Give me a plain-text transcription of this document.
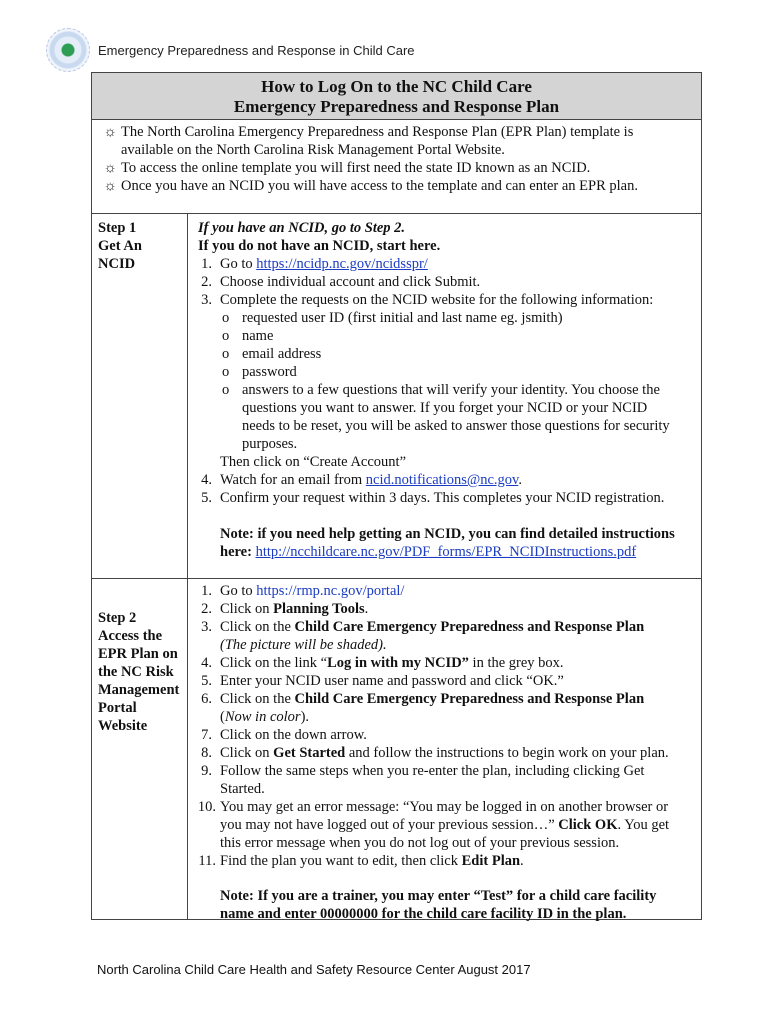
Emergency Preparedness and Response in Child Care
How to Log On to the NC Child Care
Emergency Preparedness and Response Plan
☼ The North Carolina Emergency Preparedness and Response Plan (EPR Plan) template is
available on the North Carolina Risk Management Portal Website.
☼ To access the online template you will first need the state ID known as an NCID.
☼ Once you have an NCID you will have access to the template and can enter an EPR plan.
Step 1
Get An
NCID
If you have an NCID, go to Step 2.
If you do not have an NCID, start here.
1. Go to https://ncidp.nc.gov/ncidsspr/
2. Choose individual account and click Submit.
3. Complete the requests on the NCID website for the following information:
o requested user ID (first initial and last name eg. jsmith)
o name
o email address
o password
o answers to a few questions that will verify your identity. You choose the
questions you want to answer. If you forget your NCID or your NCID
needs to be reset, you will be asked to answer those questions for security
purposes.
Then click on “Create Account”
4. Watch for an email from ncid.notifications@nc.gov.
5. Confirm your request within 3 days. This completes your NCID registration.
Note: if you need help getting an NCID, you can find detailed instructions
here: http://ncchildcare.nc.gov/PDF_forms/EPR_NCIDInstructions.pdf
Step 2
Access the
EPR Plan on
the NC Risk
Management
Portal
Website
1. Go to https://rmp.nc.gov/portal/
2. Click on Planning Tools.
3. Click on the Child Care Emergency Preparedness and Response Plan
(The picture will be shaded).
4. Click on the link “Log in with my NCID” in the grey box.
5. Enter your NCID user name and password and click “OK.”
6. Click on the Child Care Emergency Preparedness and Response Plan
(Now in color).
7. Click on the down arrow.
8. Click on Get Started and follow the instructions to begin work on your plan.
9. Follow the same steps when you re-enter the plan, including clicking Get
Started.
10. You may get an error message: “You may be logged in on another browser or
you may not have logged out of your previous session…” Click OK. You get
this error message when you do not log out of your previous session.
11. Find the plan you want to edit, then click Edit Plan.
Note: If you are a trainer, you may enter “Test” for a child care facility
name and enter 00000000 for the child care facility ID in the plan.
North Carolina Child Care Health and Safety Resource Center August 2017
